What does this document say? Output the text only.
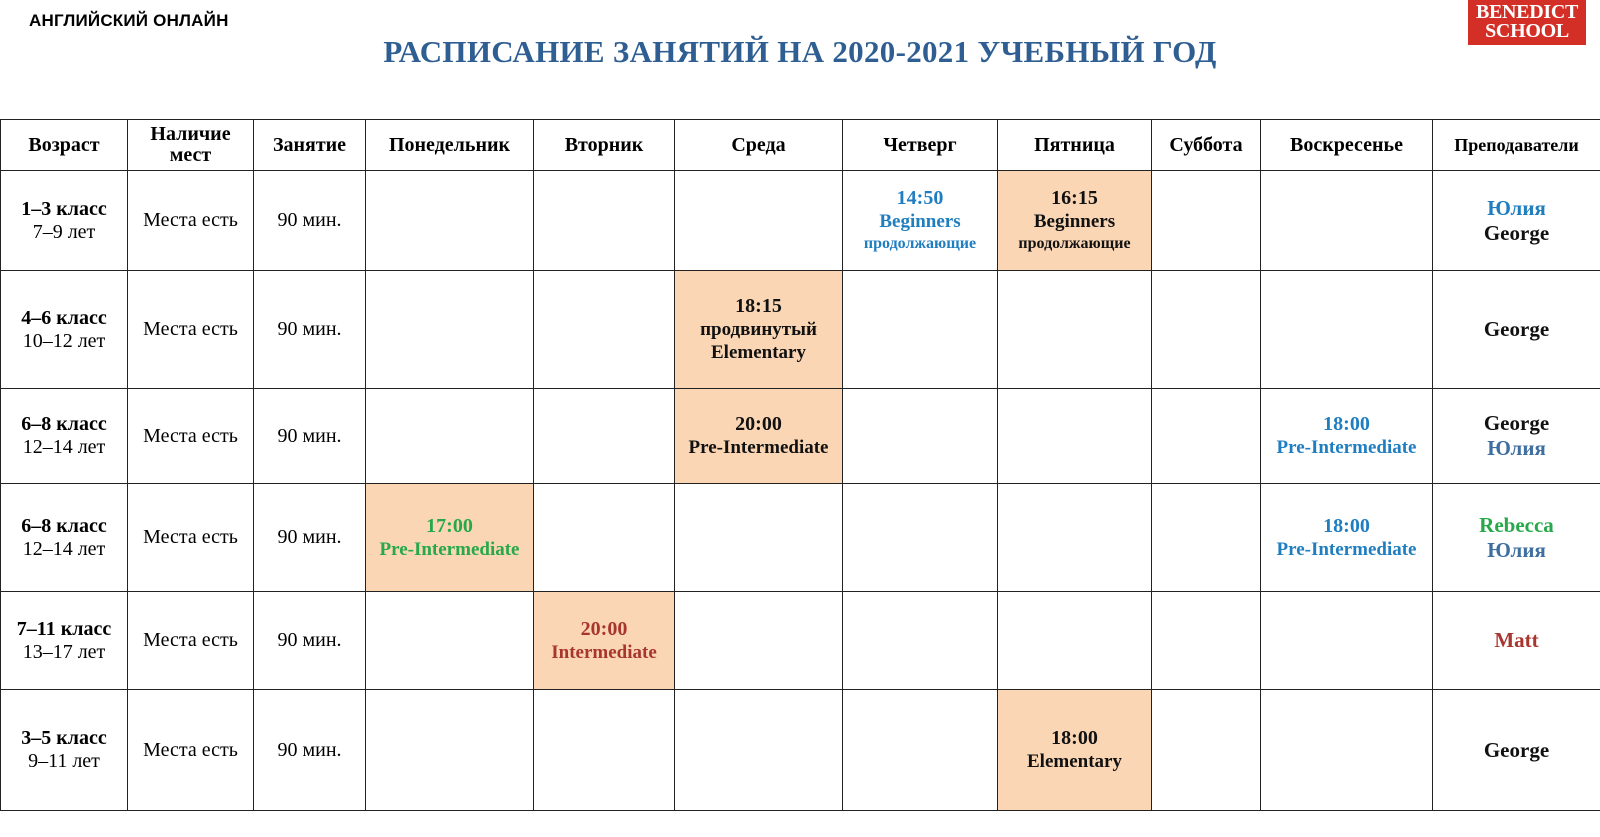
АНГЛИЙСКИЙ ОНЛАЙН	BENEDICT
SCHOOL
РАСПИСАНИЕ ЗАНЯТИЙ НА 2020-2021 УЧЕБНЫЙ ГОД
Возраст	Наличие мест	Занятие	Понедельник	Вторник	Среда	Четверг	Пятница	Суббота	Воскресенье	Преподаватели

1–3 класс
7–9 лет	Места есть	90 мин.				14:50
Beginners
продолжающие	16:15
Beginners
продолжающие			Юлия
George

4–6 класс
10–12 лет	Места есть	90 мин.			18:15
продвинутый
Elementary					George

6–8 класс
12–14 лет	Места есть	90 мин.			20:00
Pre-Intermediate				18:00
Pre-Intermediate	George
Юлия

6–8 класс
12–14 лет	Места есть	90 мин.	17:00
Pre-Intermediate						18:00
Pre-Intermediate	Rebecca
Юлия

7–11 класс
13–17 лет	Места есть	90 мин.		20:00
Intermediate						Matt

3–5 класс
9–11 лет	Места есть	90 мин.					18:00
Elementary			George
